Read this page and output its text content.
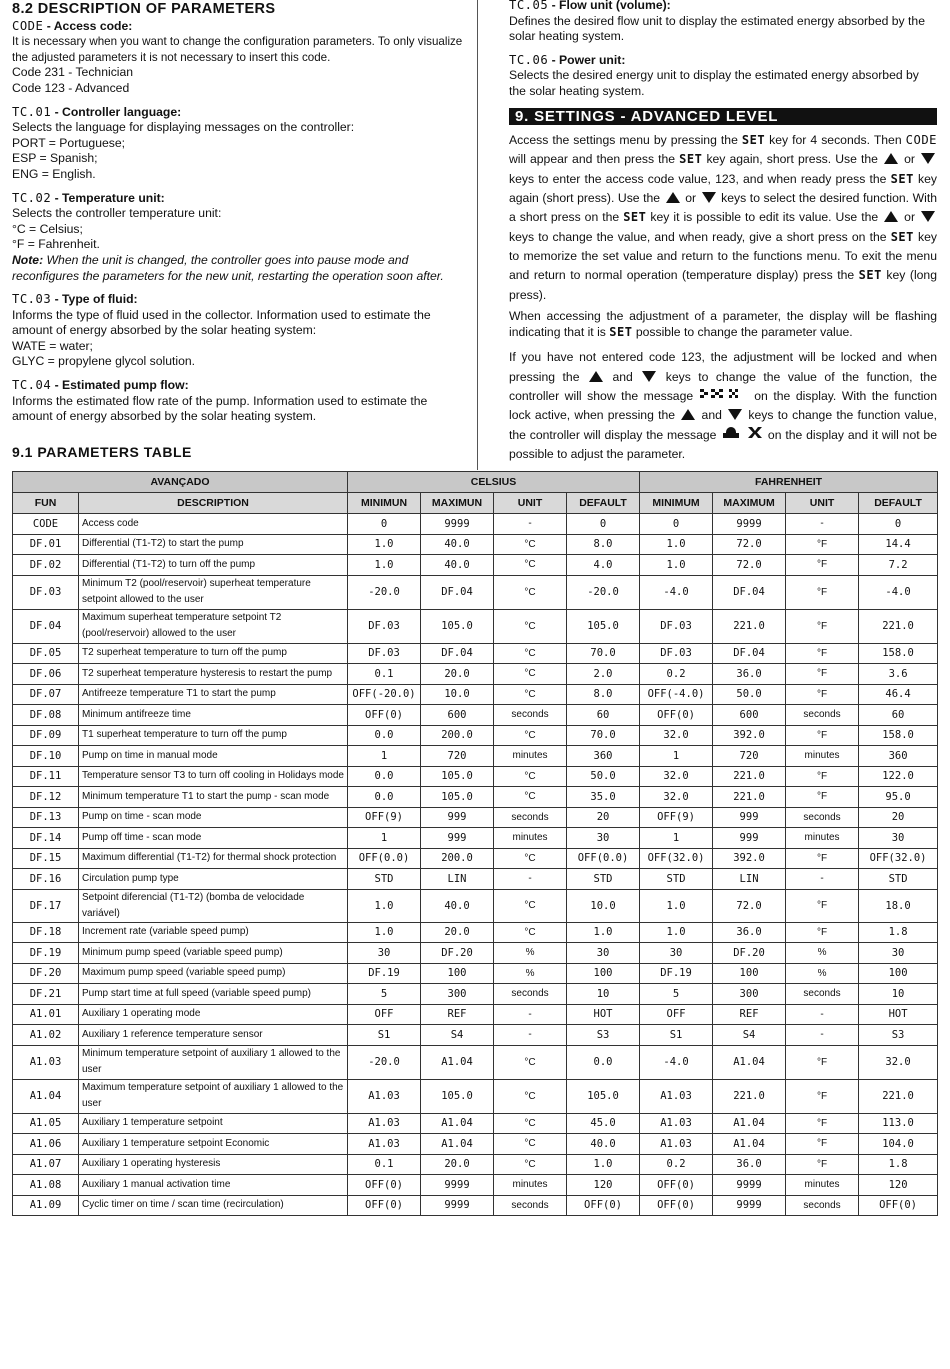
8.2 DESCRIPTION OF PARAMETERS

CODE - Access code:

It is necessary when you want to change the configuration parameters. To only visualize the adjusted parameters it is not necessary to insert this code.

Code 231 - Technician

Code 123 - Advanced

TC.01 - Controller language:

Selects the language for displaying messages on the controller:

PORT = Portuguese;

ESP = Spanish;

ENG = English.

TC.02 - Temperature unit:

Selects the controller temperature unit:

°C = Celsius;

°F = Fahrenheit.

Note: When the unit is changed, the controller goes into pause mode and reconfigures the parameters for the new unit, restarting the operation soon after.

TC.03 - Type of fluid:

Informs the type of fluid used in the collector. Information used to estimate the amount of energy absorbed by the solar heating system:

WATE = water;

GLYC = propylene glycol solution.

TC.04 - Estimated pump flow:

Informs the estimated flow rate of the pump. Information used to estimate the amount of energy absorbed by the solar heating system.

TC.05 - Flow unit (volume):

Defines the desired flow unit to display the estimated energy absorbed by the solar heating system.

TC.06 - Power unit:

Selects the desired energy unit to display the estimated energy absorbed by the solar heating system.

9. SETTINGS - ADVANCED LEVEL

Access the settings menu by pressing the SET key for 4 seconds. Then CODE will appear and then press the SET key again, short press. Use the  or  keys to enter the access code value, 123, and when ready press the SET key again (short press). Use the  or  keys to select the desired function. With a short press on the SET key it is possible to edit its value. Use the  or  keys to change the value, and when ready, give a short press on the SET key to memorize the set value and return to the functions menu. To exit the menu and return to normal operation (temperature display) press the SET key (long press).

When accessing the adjustment of a parameter, the display will be flashing indicating that it is SET possible to change the parameter value.

If you have not entered code 123, the adjustment will be locked and when pressing the  and  keys to change the value of the function, the controller will show the message	on the display. With the function lock active, when pressing the  and  keys to change the function value, the controller will display the message	on the display and it will not be possible to adjust the parameter.

9.1 PARAMETERS TABLE
AVANÇADO		CELSIUS				FAHRENHEIT			
FUN	DESCRIPTION	MINIMUN	MAXIMUN	UNIT	DEFAULT	MINIMUM	MAXIMUM	UNIT	DEFAULT
CODE	Access code	0	9999	-	0	0	9999	-	0
DF.01	Differential (T1-T2) to start the pump	1.0	40.0	°C	8.0	1.0	72.0	°F	14.4
DF.02	Differential (T1-T2) to turn off the pump	1.0	40.0	°C	4.0	1.0	72.0	°F	7.2
DF.03	Minimum T2 (pool/reservoir) superheat temperature setpoint allowed to the user	-20.0	DF.04	°C	-20.0	-4.0	DF.04	°F	-4.0
DF.04	Maximum superheat temperature setpoint T2 (pool/reservoir) allowed to the user	DF.03	105.0	°C	105.0	DF.03	221.0	°F	221.0
DF.05	T2 superheat temperature to turn off the pump	DF.03	DF.04	°C	70.0	DF.03	DF.04	°F	158.0
DF.06	T2 superheat temperature hysteresis to restart the pump	0.1	20.0	°C	2.0	0.2	36.0	°F	3.6
DF.07	Antifreeze temperature T1 to start the pump	OFF(-20.0)	10.0	°C	8.0	OFF(-4.0)	50.0	°F	46.4
DF.08	Minimum antifreeze time	OFF(0)	600	seconds	60	OFF(0)	600	seconds	60
DF.09	T1 superheat temperature to turn off the pump	0.0	200.0	°C	70.0	32.0	392.0	°F	158.0
DF.10	Pump on time in manual mode	1	720	minutes	360	1	720	minutes	360
DF.11	Temperature sensor T3 to turn off cooling in Holidays mode	0.0	105.0	°C	50.0	32.0	221.0	°F	122.0
DF.12	Minimum temperature T1 to start the pump - scan mode	0.0	105.0	°C	35.0	32.0	221.0	°F	95.0
DF.13	Pump on time - scan mode	OFF(9)	999	seconds	20	OFF(9)	999	seconds	20
DF.14	Pump off time - scan mode	1	999	minutes	30	1	999	minutes	30
DF.15	Maximum differential (T1-T2) for thermal shock protection	OFF(0.0)	200.0	°C	OFF(0.0)	OFF(32.0)	392.0	°F	OFF(32.0)
DF.16	Circulation pump type	STD	LIN	-	STD	STD	LIN	-	STD
DF.17	Setpoint diferencial (T1-T2) (bomba de velocidade variável)	1.0	40.0	°C	10.0	1.0	72.0	°F	18.0
DF.18	Increment rate (variable speed pump)	1.0	20.0	°C	1.0	1.0	36.0	°F	1.8
DF.19	Minimum pump speed (variable speed pump)	30	DF.20	%	30	30	DF.20	%	30
DF.20	Maximum pump speed (variable speed pump)	DF.19	100	%	100	DF.19	100	%	100
DF.21	Pump start time at full speed (variable speed pump)	5	300	seconds	10	5	300	seconds	10
A1.01	Auxiliary 1 operating mode	OFF	REF	-	HOT	OFF	REF	-	HOT
A1.02	Auxiliary 1 reference temperature sensor	S1	S4	-	S3	S1	S4	-	S3
A1.03	Minimum temperature setpoint of auxiliary 1 allowed to the user	-20.0	A1.04	°C	0.0	-4.0	A1.04	°F	32.0
A1.04	Maximum temperature setpoint of auxiliary 1 allowed to the user	A1.03	105.0	°C	105.0	A1.03	221.0	°F	221.0
A1.05	Auxiliary 1 temperature setpoint	A1.03	A1.04	°C	45.0	A1.03	A1.04	°F	113.0
A1.06	Auxiliary 1 temperature setpoint Economic	A1.03	A1.04	°C	40.0	A1.03	A1.04	°F	104.0
A1.07	Auxiliary 1 operating hysteresis	0.1	20.0	°C	1.0	0.2	36.0	°F	1.8
A1.08	Auxiliary 1 manual activation time	OFF(0)	9999	minutes	120	OFF(0)	9999	minutes	120
A1.09	Cyclic timer on time / scan time (recirculation)	OFF(0)	9999	seconds	OFF(0)	OFF(0)	9999	seconds	OFF(0)
